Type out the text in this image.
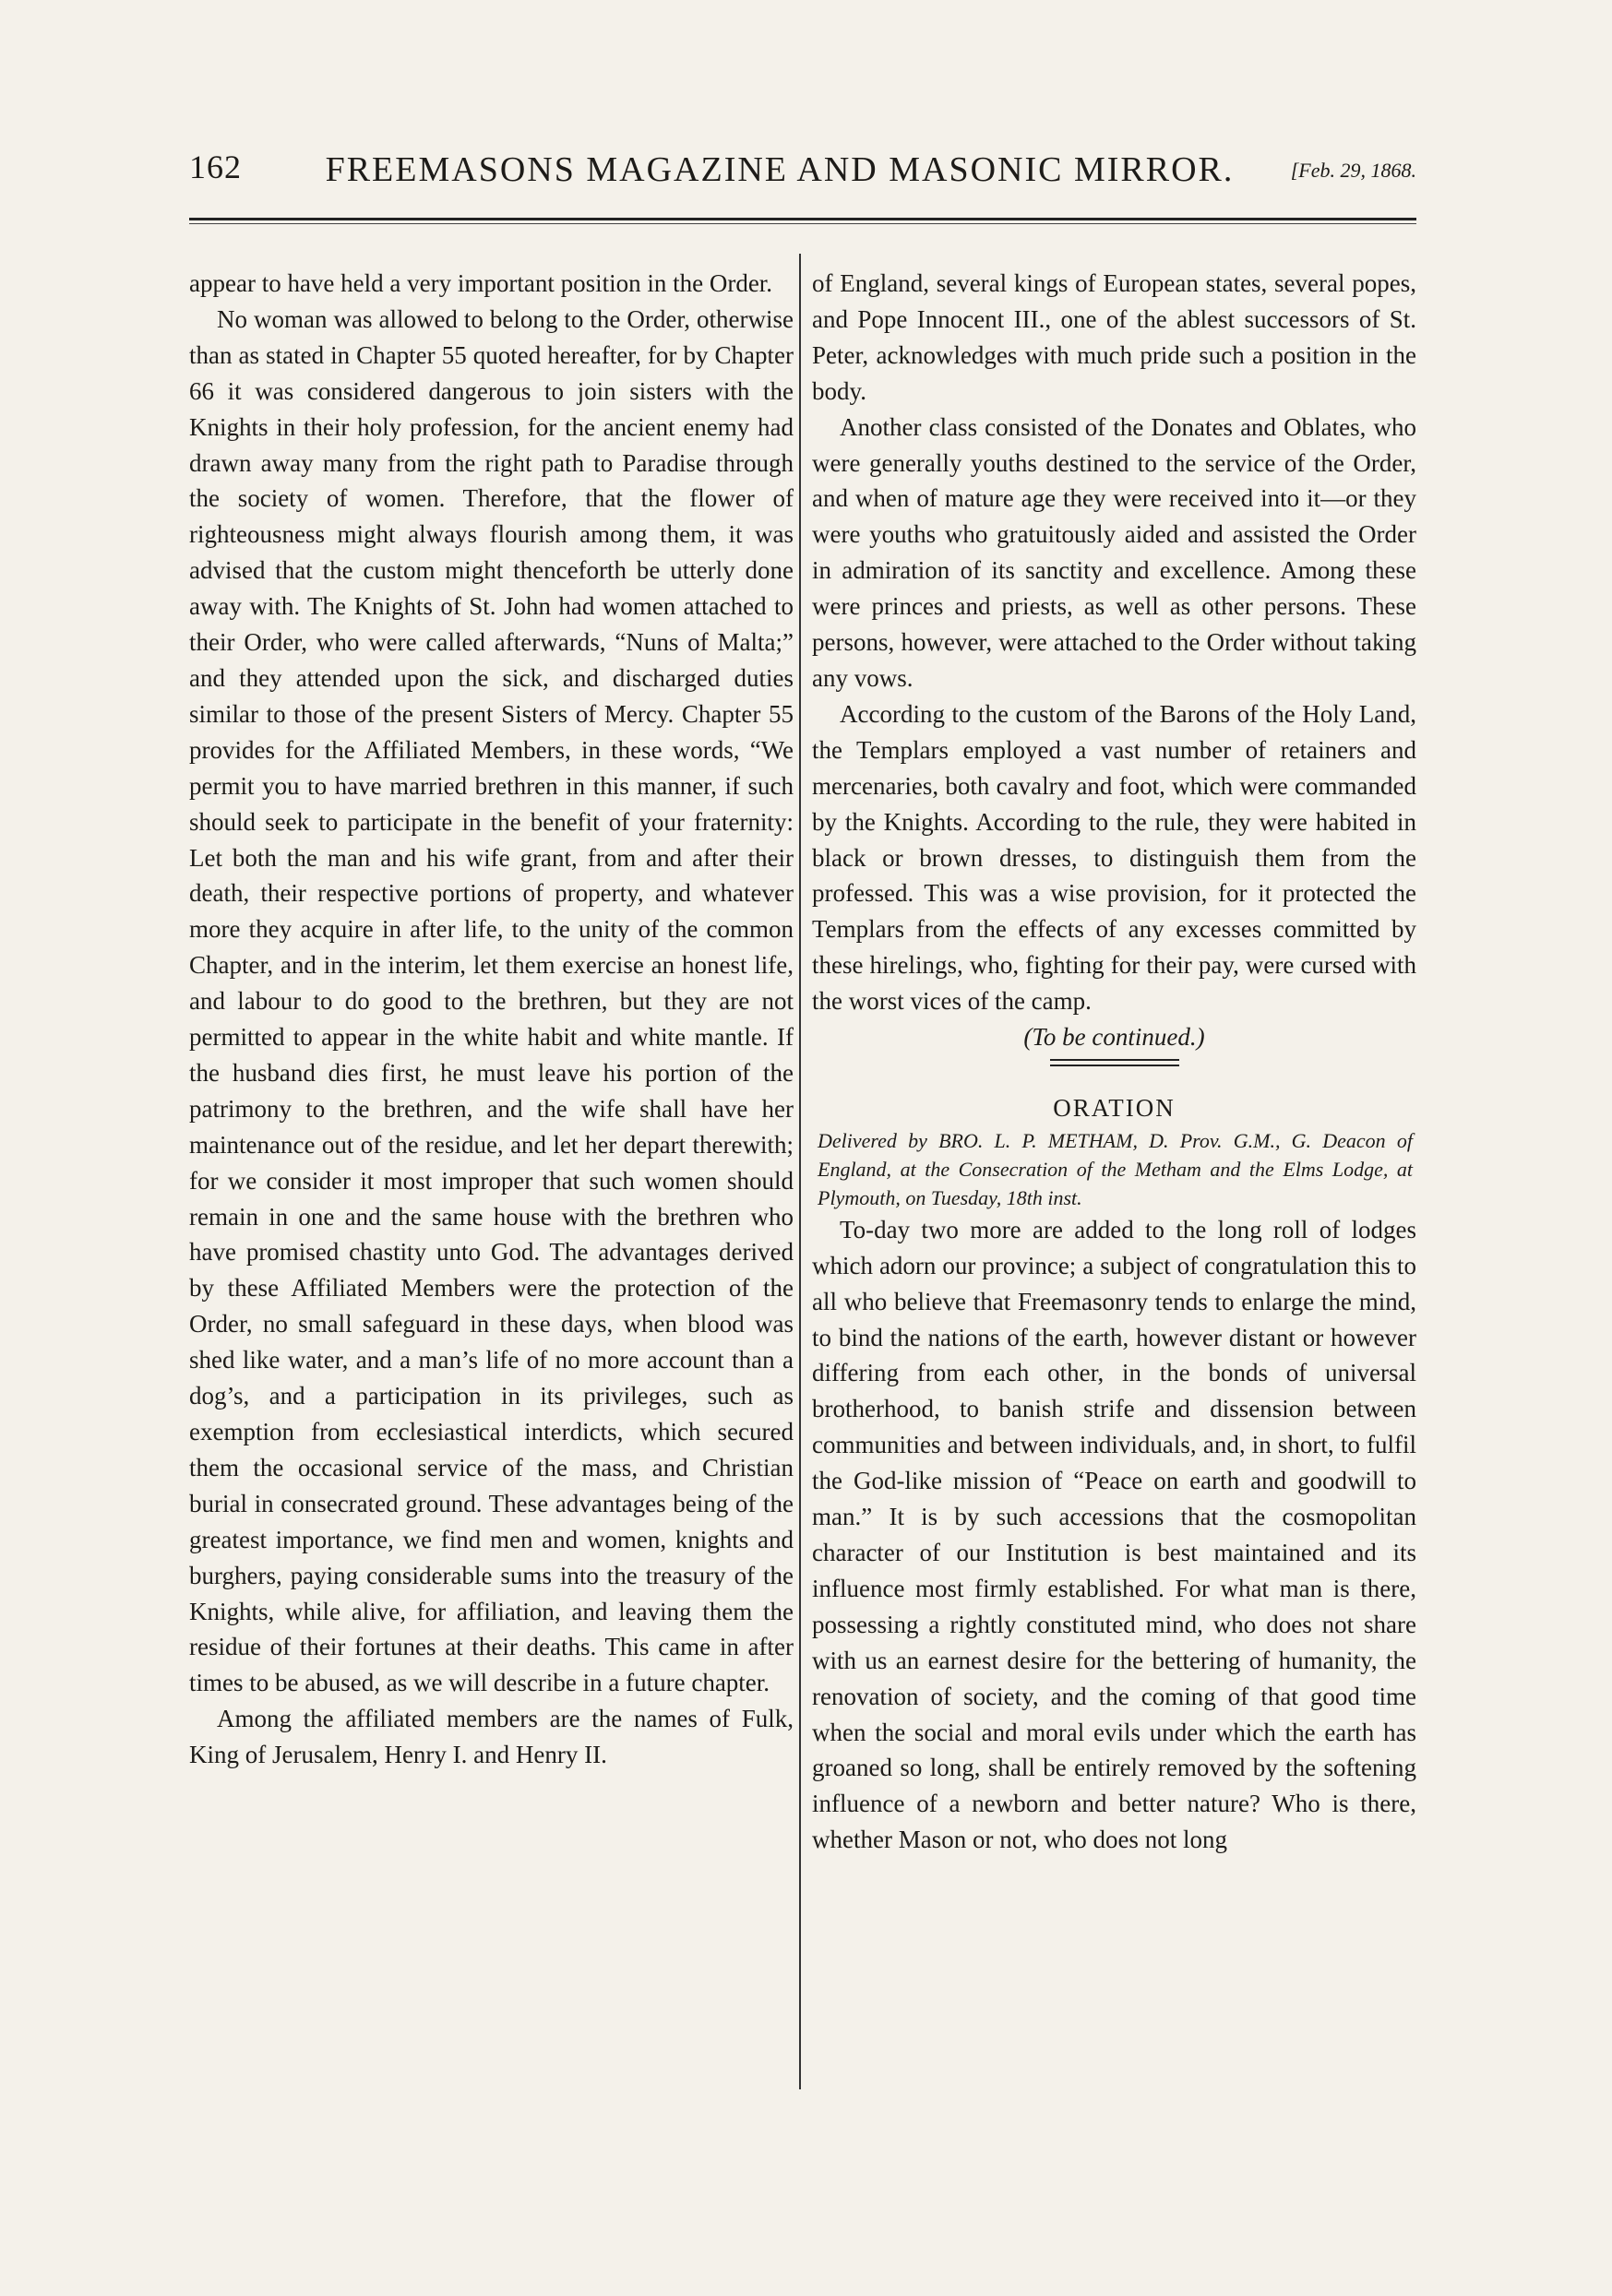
162	FREEMASONS MAGAZINE AND MASONIC MIRROR.	[Feb. 29, 1868.

appear to have held a very important position in the Order.

No woman was allowed to belong to the Order, otherwise than as stated in Chapter 55 quoted hereafter, for by Chapter 66 it was considered dangerous to join sisters with the Knights in their holy profession, for the ancient enemy had drawn away many from the right path to Paradise through the society of women. Therefore, that the flower of righteousness might always flourish among them, it was advised that the custom might thenceforth be utterly done away with. The Knights of St. John had women attached to their Order, who were called afterwards, “Nuns of Malta;” and they attended upon the sick, and discharged duties similar to those of the present Sisters of Mercy. Chapter 55 provides for the Affiliated Members, in these words, “We permit you to have married brethren in this manner, if such should seek to participate in the benefit of your fraternity: Let both the man and his wife grant, from and after their death, their respective portions of property, and whatever more they acquire in after life, to the unity of the common Chapter, and in the interim, let them exercise an honest life, and labour to do good to the brethren, but they are not permitted to appear in the white habit and white mantle. If the husband dies first, he must leave his portion of the patrimony to the brethren, and the wife shall have her maintenance out of the residue, and let her depart therewith; for we consider it most improper that such women should remain in one and the same house with the brethren who have promised chastity unto God. The advantages derived by these Affiliated Members were the protection of the Order, no small safeguard in these days, when blood was shed like water, and a man’s life of no more account than a dog’s, and a participation in its privileges, such as exemption from ecclesiastical interdicts, which secured them the occasional service of the mass, and Christian burial in consecrated ground. These advantages being of the greatest importance, we find men and women, knights and burghers, paying considerable sums into the treasury of the Knights, while alive, for affiliation, and leaving them the residue of their fortunes at their deaths. This came in after times to be abused, as we will describe in a future chapter.

Among the affiliated members are the names of Fulk, King of Jerusalem, Henry I. and Henry II.

of England, several kings of European states, several popes, and Pope Innocent III., one of the ablest successors of St. Peter, acknowledges with much pride such a position in the body.

Another class consisted of the Donates and Oblates, who were generally youths destined to the service of the Order, and when of mature age they were received into it—or they were youths who gratuitously aided and assisted the Order in admiration of its sanctity and excellence. Among these were princes and priests, as well as other persons. These persons, however, were attached to the Order without taking any vows.

According to the custom of the Barons of the Holy Land, the Templars employed a vast number of retainers and mercenaries, both cavalry and foot, which were commanded by the Knights. According to the rule, they were habited in black or brown dresses, to distinguish them from the professed. This was a wise provision, for it protected the Templars from the effects of any excesses committed by these hirelings, who, fighting for their pay, were cursed with the worst vices of the camp.

(To be continued.)

ORATION

Delivered by BRO. L. P. METHAM, D. Prov. G.M., G. Deacon of England, at the Consecration of the Metham and the Elms Lodge, at Plymouth, on Tuesday, 18th inst.

To-day two more are added to the long roll of lodges which adorn our province; a subject of congratulation this to all who believe that Freemasonry tends to enlarge the mind, to bind the nations of the earth, however distant or however differing from each other, in the bonds of universal brotherhood, to banish strife and dissension between communities and between individuals, and, in short, to fulfil the God-like mission of “Peace on earth and goodwill to man.” It is by such accessions that the cosmopolitan character of our Institution is best maintained and its influence most firmly established. For what man is there, possessing a rightly constituted mind, who does not share with us an earnest desire for the bettering of humanity, the renovation of society, and the coming of that good time when the social and moral evils under which the earth has groaned so long, shall be entirely removed by the softening influence of a newborn and better nature? Who is there, whether Mason or not, who does not long
